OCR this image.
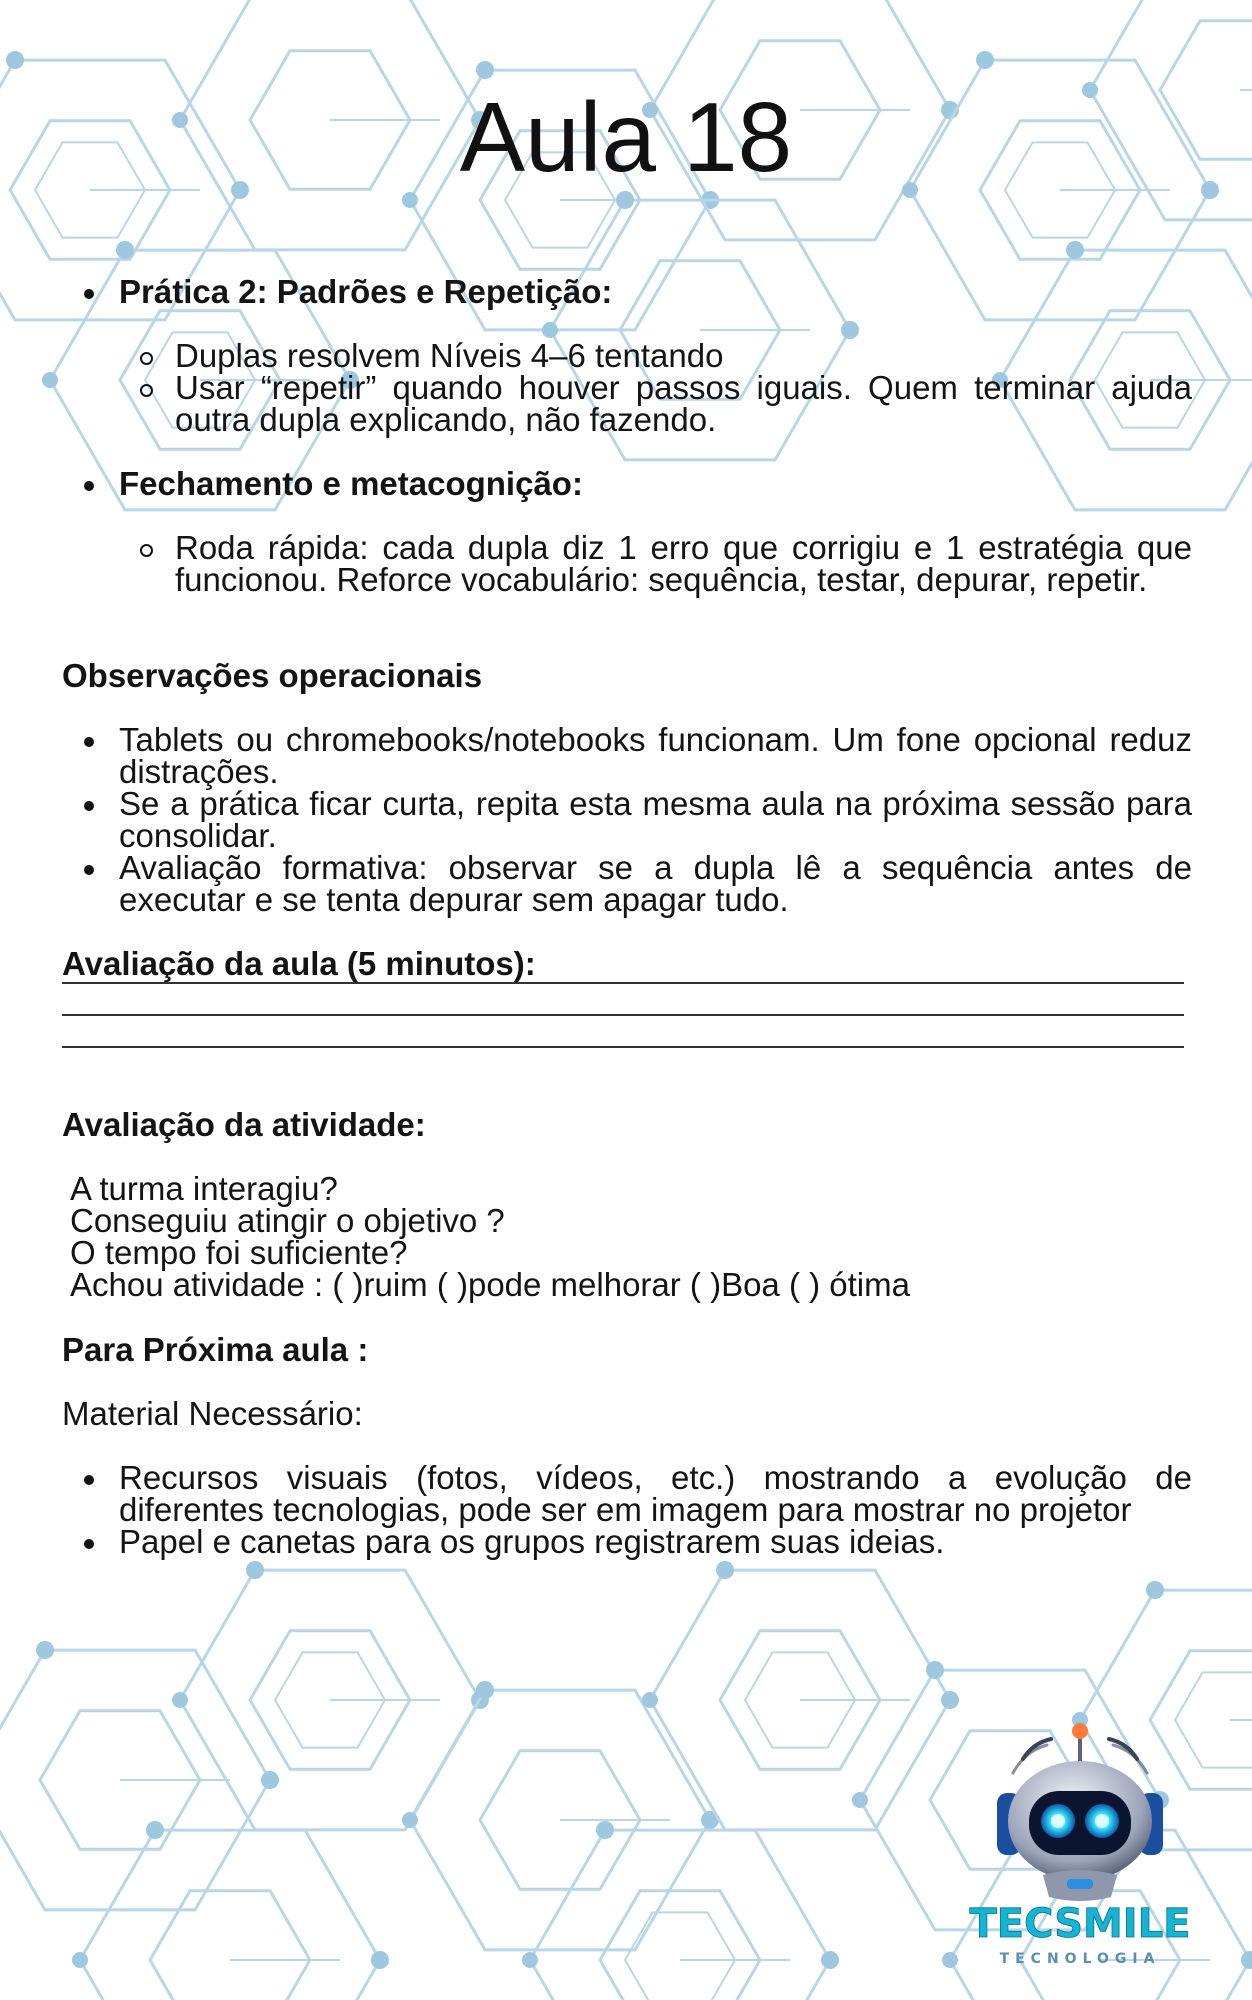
Aula 18

Prática 2: Padrões e Repetição:

Duplas resolvem Níveis 4–6 tentando

Usar “repetir” quando houver passos iguais. Quem terminar ajuda outra dupla explicando, não fazendo.

Fechamento e metacognição:

Roda rápida: cada dupla diz 1 erro que corrigiu e 1 estratégia que funcionou. Reforce vocabulário: sequência, testar, depurar, repetir.

Observações operacionais

Tablets ou chromebooks/notebooks funcionam. Um fone opcional reduz distrações.

Se a prática ficar curta, repita esta mesma aula na próxima sessão para consolidar.

Avaliação formativa: observar se a dupla lê a sequência antes de executar e se tenta depurar sem apagar tudo.

Avaliação da aula (5 minutos):

Avaliação da atividade:

A turma interagiu?

Conseguiu atingir o objetivo ?

O tempo foi suficiente?

Achou atividade : ( )ruim ( )pode melhorar ( )Boa ( ) ótima

Para Próxima aula :

Material Necessário:

Recursos visuais (fotos, vídeos, etc.) mostrando a evolução de diferentes tecnologias, pode ser em imagem para mostrar no projetor

Papel e canetas para os grupos registrarem suas ideias.

TECSMILE
TECNOLOGIA
